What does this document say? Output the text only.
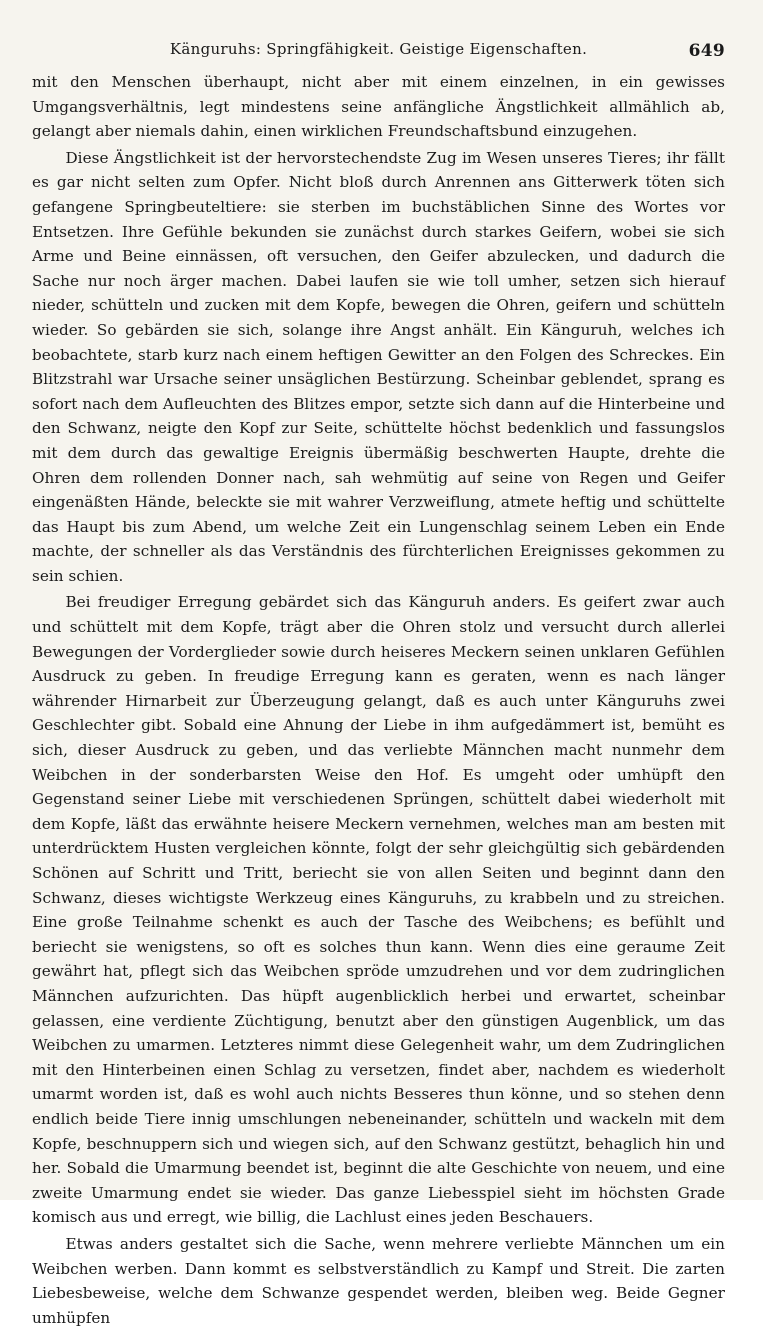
Känguruhs: Springfähigkeit. Geistige Eigenschaften.	649

mit den Menschen überhaupt, nicht aber mit einem einzelnen, in ein gewisses Umgangsverhältnis, legt mindestens seine anfängliche Ängstlichkeit allmählich ab, gelangt aber niemals dahin, einen wirklichen Freundschaftsbund einzugehen.

Diese Ängstlichkeit ist der hervorstechendste Zug im Wesen unseres Tieres; ihr fällt es gar nicht selten zum Opfer. Nicht bloß durch Anrennen ans Gitterwerk töten sich gefangene Springbeuteltiere: sie sterben im buchstäblichen Sinne des Wortes vor Entsetzen. Ihre Gefühle bekunden sie zunächst durch starkes Geifern, wobei sie sich Arme und Beine einnässen, oft versuchen, den Geifer abzulecken, und dadurch die Sache nur noch ärger machen. Dabei laufen sie wie toll umher, setzen sich hierauf nieder, schütteln und zucken mit dem Kopfe, bewegen die Ohren, geifern und schütteln wieder. So gebärden sie sich, solange ihre Angst anhält. Ein Känguruh, welches ich beobachtete, starb kurz nach einem heftigen Gewitter an den Folgen des Schreckes. Ein Blitzstrahl war Ursache seiner unsäglichen Bestürzung. Scheinbar geblendet, sprang es sofort nach dem Aufleuchten des Blitzes empor, setzte sich dann auf die Hinterbeine und den Schwanz, neigte den Kopf zur Seite, schüttelte höchst bedenklich und fassungslos mit dem durch das gewaltige Ereignis übermäßig beschwerten Haupte, drehte die Ohren dem rollenden Donner nach, sah wehmütig auf seine von Regen und Geifer eingenäßten Hände, beleckte sie mit wahrer Verzweiflung, atmete heftig und schüttelte das Haupt bis zum Abend, um welche Zeit ein Lungenschlag seinem Leben ein Ende machte, der schneller als das Verständnis des fürchterlichen Ereignisses gekommen zu sein schien.

Bei freudiger Erregung gebärdet sich das Känguruh anders. Es geifert zwar auch und schüttelt mit dem Kopfe, trägt aber die Ohren stolz und versucht durch allerlei Bewegungen der Vorderglieder sowie durch heiseres Meckern seinen unklaren Gefühlen Ausdruck zu geben. In freudige Erregung kann es geraten, wenn es nach länger währender Hirnarbeit zur Überzeugung gelangt, daß es auch unter Känguruhs zwei Geschlechter gibt. Sobald eine Ahnung der Liebe in ihm aufgedämmert ist, bemüht es sich, dieser Ausdruck zu geben, und das verliebte Männchen macht nunmehr dem Weibchen in der sonderbarsten Weise den Hof. Es umgeht oder umhüpft den Gegenstand seiner Liebe mit verschiedenen Sprüngen, schüttelt dabei wiederholt mit dem Kopfe, läßt das erwähnte heisere Meckern vernehmen, welches man am besten mit unterdrücktem Husten vergleichen könnte, folgt der sehr gleichgültig sich gebärdenden Schönen auf Schritt und Tritt, beriecht sie von allen Seiten und beginnt dann den Schwanz, dieses wichtigste Werkzeug eines Känguruhs, zu krabbeln und zu streichen. Eine große Teilnahme schenkt es auch der Tasche des Weibchens; es befühlt und beriecht sie wenigstens, so oft es solches thun kann. Wenn dies eine geraume Zeit gewährt hat, pflegt sich das Weibchen spröde umzudrehen und vor dem zudringlichen Männchen aufzurichten. Das hüpft augenblicklich herbei und erwartet, scheinbar gelassen, eine verdiente Züchtigung, benutzt aber den günstigen Augenblick, um das Weibchen zu umarmen. Letzteres nimmt diese Gelegenheit wahr, um dem Zudringlichen mit den Hinterbeinen einen Schlag zu versetzen, findet aber, nachdem es wiederholt umarmt worden ist, daß es wohl auch nichts Besseres thun könne, und so stehen denn endlich beide Tiere innig umschlungen nebeneinander, schütteln und wackeln mit dem Kopfe, beschnuppern sich und wiegen sich, auf den Schwanz gestützt, behaglich hin und her. Sobald die Umarmung beendet ist, beginnt die alte Geschichte von neuem, und eine zweite Umarmung endet sie wieder. Das ganze Liebesspiel sieht im höchsten Grade komisch aus und erregt, wie billig, die Lachlust eines jeden Beschauers.

Etwas anders gestaltet sich die Sache, wenn mehrere verliebte Männchen um ein Weibchen werben. Dann kommt es selbstverständlich zu Kampf und Streit. Die zarten Liebesbeweise, welche dem Schwanze gespendet werden, bleiben weg. Beide Gegner umhüpfen
